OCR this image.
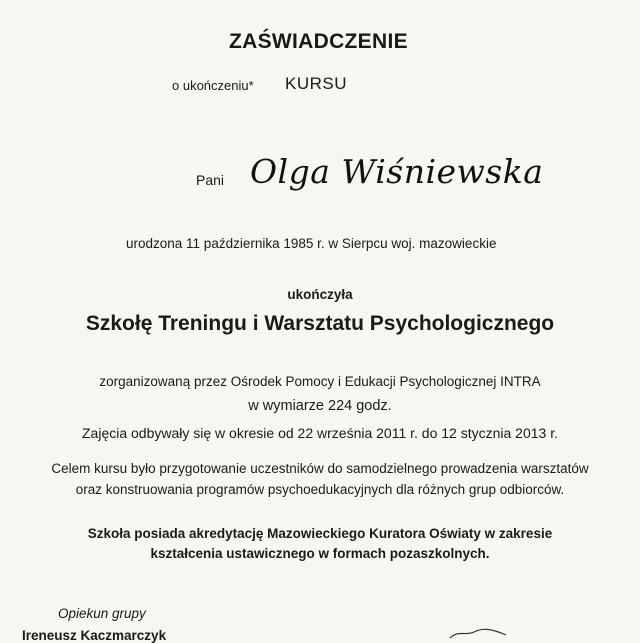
ZAŚWIADCZENIE
o ukończeniu* KURSU
Pani Olga Wiśniewska
urodzona 11 października 1985 r. w Sierpcu woj. mazowieckie
ukończyła
Szkołę Treningu i Warsztatu Psychologicznego
zorganizowaną przez Ośrodek Pomocy i Edukacji Psychologicznej INTRA
w wymiarze 224 godz.
Zajęcia odbywały się w okresie od 22 września 2011 r. do 12 stycznia 2013 r.
Celem kursu było przygotowanie uczestników do samodzielnego prowadzenia warsztatów
oraz konstruowania programów psychoedukacyjnych dla różnych grup odbiorców.
Szkoła posiada akredytację Mazowieckiego Kuratora Oświaty w zakresie
kształcenia ustawicznego w formach pozaszkolnych.
Opiekun grupy
Ireneusz Kaczmarczyk
